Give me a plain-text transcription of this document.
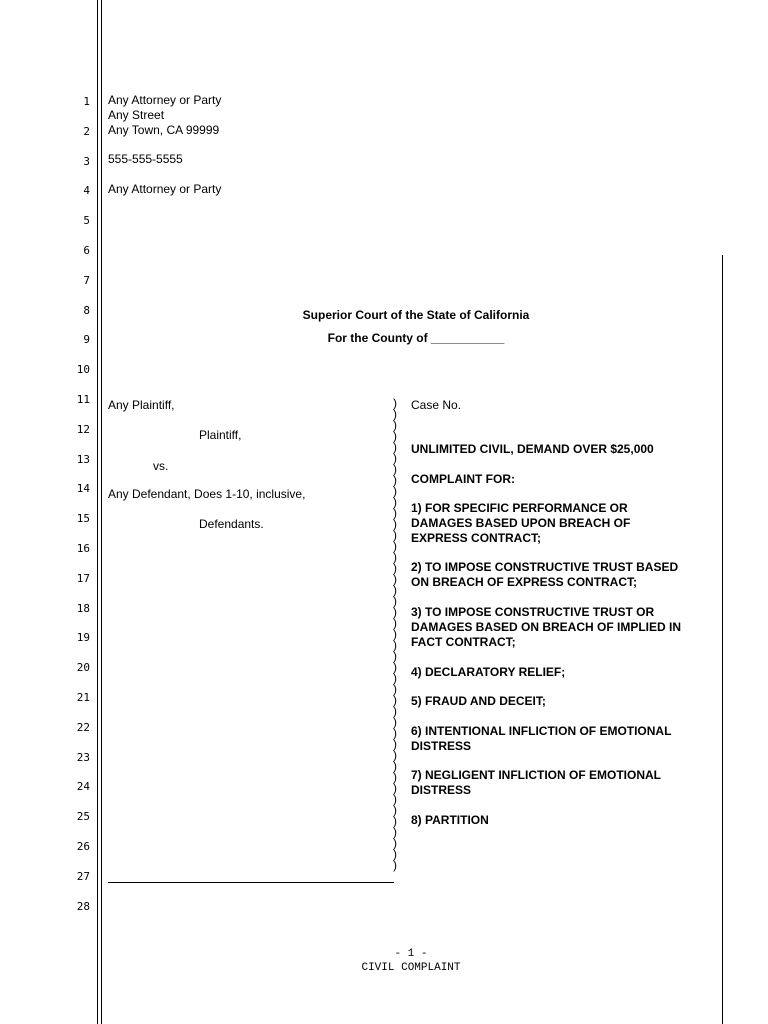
1
2
3
4
5
6
7
8
9
10
11
12
13
14
15
16
17
18
19
20
21
22
23
24
25
26
27
28
Any Attorney or Party
Any Street
Any Town, CA 99999
555-555-5555
Any Attorney or Party
Superior Court of the State of California
For the County of ___________
Any Plaintiff,
Plaintiff,
vs.
Any Defendant, Does 1-10, inclusive,
Defendants.
)
)
)
)
)
)
)
)
)
)
)
)
)
)
)
)
)
)
)
)
)
)
)
)
)
)
)
)
)
)
)
)
)
)
)
)
)
)
)
)
)
)
)
Case No.
UNLIMITED CIVIL, DEMAND OVER $25,000
COMPLAINT FOR:
1) FOR SPECIFIC PERFORMANCE OR
DAMAGES BASED UPON BREACH OF
EXPRESS CONTRACT;
2) TO IMPOSE CONSTRUCTIVE TRUST BASED
ON BREACH OF EXPRESS CONTRACT;
3) TO IMPOSE CONSTRUCTIVE TRUST OR
DAMAGES BASED ON BREACH OF IMPLIED IN
FACT CONTRACT;
4) DECLARATORY RELIEF;
5) FRAUD AND DECEIT;
6) INTENTIONAL INFLICTION OF EMOTIONAL
DISTRESS
7) NEGLIGENT INFLICTION OF EMOTIONAL
DISTRESS
8) PARTITION
- 1 -
CIVIL COMPLAINT
